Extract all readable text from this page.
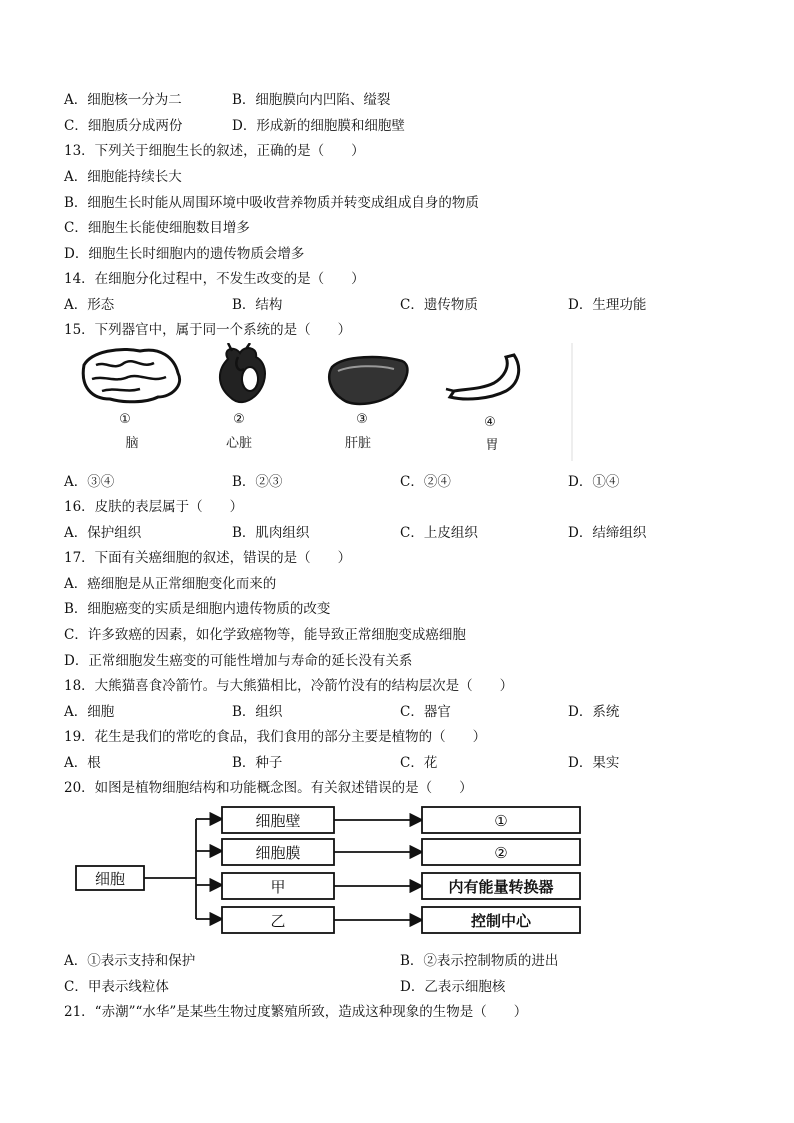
A．细胞核一分为二	B．细胞膜向内凹陷、缢裂
C．细胞质分成两份	D．形成新的细胞膜和细胞壁
13．下列关于细胞生长的叙述，正确的是（　　）
A．细胞能持续长大
B．细胞生长时能从周围环境中吸收营养物质并转变成组成自身的物质
C．细胞生长能使细胞数目增多
D．细胞生长时细胞内的遗传物质会增多
14．在细胞分化过程中，不发生改变的是（　　）
A．形态	B．结构	C．遗传物质	D．生理功能
15．下列器官中，属于同一个系统的是（　　）
①
脑
②
心脏
③
肝脏
④
胃
A．③④	B．②③	C．②④	D．①④
16．皮肤的表层属于（　　）
A．保护组织	B．肌肉组织	C．上皮组织	D．结缔组织
17．下面有关癌细胞的叙述，错误的是（　　）
A．癌细胞是从正常细胞变化而来的
B．细胞癌变的实质是细胞内遗传物质的改变
C．许多致癌的因素，如化学致癌物等，能导致正常细胞变成癌细胞
D．正常细胞发生癌变的可能性增加与寿命的延长没有关系
18．大熊猫喜食冷箭竹。与大熊猫相比，冷箭竹没有的结构层次是（　　）
A．细胞	B．组织	C．器官	D．系统
19．花生是我们的常吃的食品，我们食用的部分主要是植物的（　　）
A．根	B．种子	C．花	D．果实
20．如图是植物细胞结构和功能概念图。有关叙述错误的是（　　）
细胞
细胞壁
细胞膜
甲
乙
①
②
内有能量转换器
控制中心
A．①表示支持和保护	B．②表示控制物质的进出
C．甲表示线粒体	D．乙表示细胞核
21．“赤潮”“水华”是某些生物过度繁殖所致，造成这种现象的生物是（　　）
